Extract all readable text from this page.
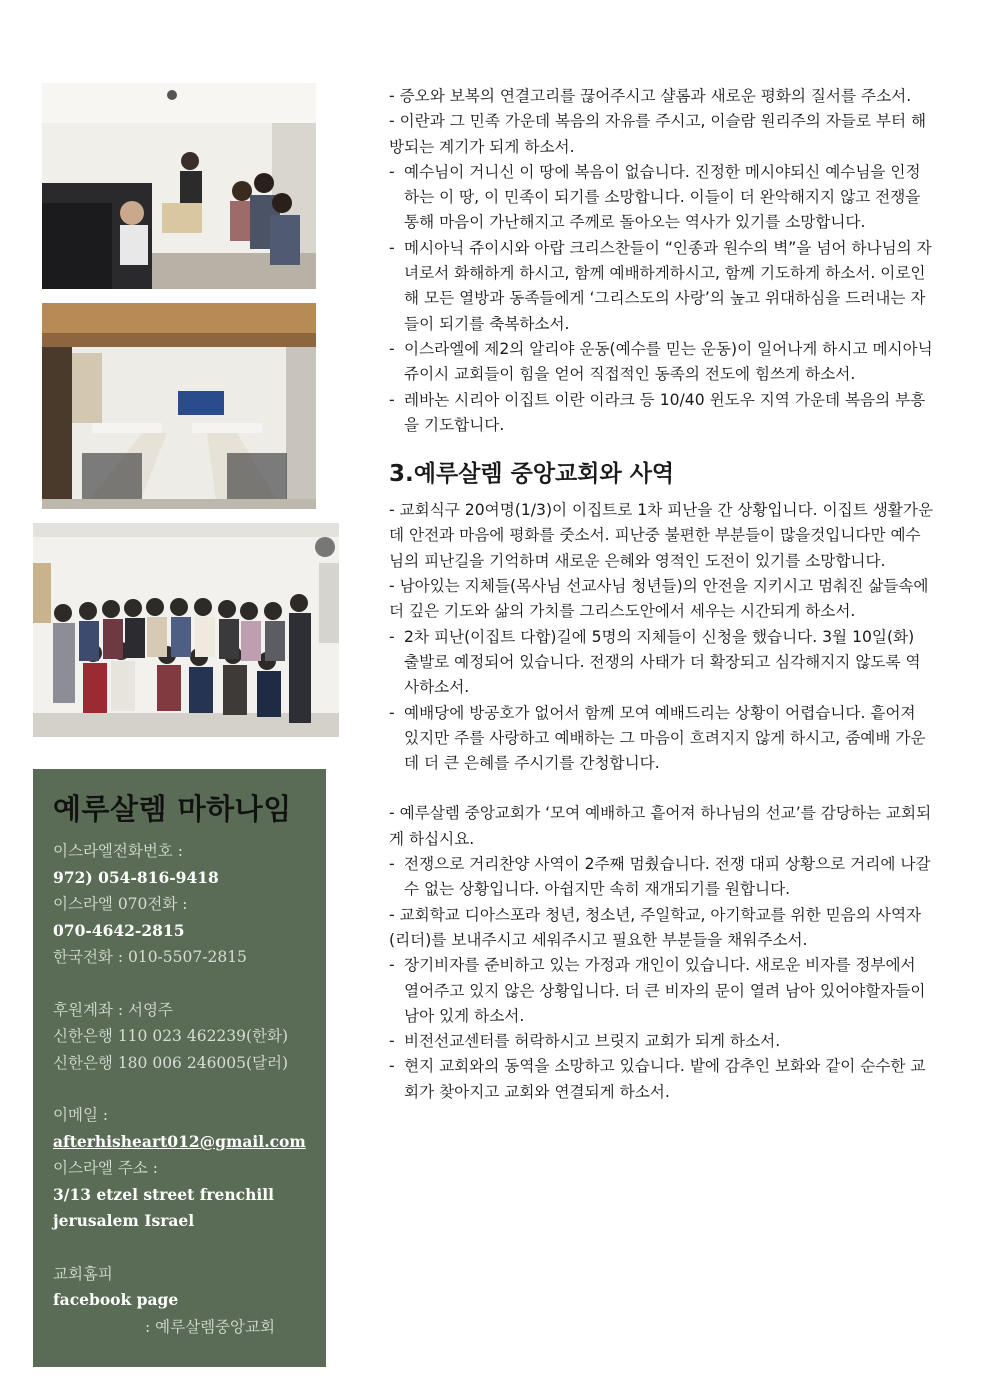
예루살렘 마하나임
이스라엘전화번호 :
972) 054-816-9418
이스라엘 070전화 :
070-4642-2815
한국전화 : 010-5507-2815
후원계좌 : 서영주
신한은행 110 023 462239(한화)
신한은행 180 006 246005(달러)
이메일 :
afterhisheart012@gmail.com
이스라엘 주소 :
3/13 etzel street frenchill
jerusalem Israel
교회홈피
facebook page
: 예루살렘중앙교회

- 증오와 보복의 연결고리를 끊어주시고 샬롬과 새로운 평화의 질서를 주소서.

- 이란과 그 민족 가운데 복음의 자유를 주시고, 이슬람 원리주의 자들로 부터 해방되는 계기가 되게 하소서.

- 예수님이 거니신 이 땅에 복음이 없습니다. 진정한 메시야되신 예수님을 인정하는 이 땅, 이 민족이 되기를 소망합니다. 이들이 더 완악해지지 않고 전쟁을 통해 마음이 가난해지고 주께로 돌아오는 역사가 있기를 소망합니다.
- 메시아닉 쥬이시와 아랍 크리스찬들이 “인종과 원수의 벽”을 넘어 하나님의 자녀로서 화해하게 하시고, 함께 예배하게하시고, 함께 기도하게 하소서. 이로인해 모든 열방과 동족들에게 ‘그리스도의 사랑’의 높고 위대하심을 드러내는 자들이 되기를 축복하소서.
- 이스라엘에 제2의 알리야 운동(예수를 믿는 운동)이 일어나게 하시고 메시아닉 쥬이시 교회들이 힘을 얻어 직접적인 동족의 전도에 힘쓰게 하소서.
- 레바논 시리아 이집트 이란 이라크 등 10/40 윈도우 지역 가운데 복음의 부흥을 기도합니다.
3.예루살렘 중앙교회와 사역

- 교회식구 20여명(1/3)이 이집트로 1차 피난을 간 상황입니다. 이집트 생활가운데 안전과 마음에 평화를 줏소서. 피난중 불편한 부분들이 많을것입니다만 예수님의 피난길을 기억하며 새로운 은혜와 영적인 도전이 있기를 소망합니다.

- 남아있는 지체들(목사님 선교사님 청년들)의 안전을 지키시고 멈춰진 삶들속에 더 깊은 기도와 삶의 가치를 그리스도안에서 세우는 시간되게 하소서.

- 2차 피난(이집트 다합)길에 5명의 지체들이 신청을 했습니다. 3월 10일(화) 출발로 예정되어 있습니다. 전쟁의 사태가 더 확장되고 심각해지지 않도록 역사하소서.
- 예배당에 방공호가 없어서 함께 모여 예배드리는 상황이 어렵습니다. 흩어져 있지만 주를 사랑하고 예배하는 그 마음이 흐려지지 않게 하시고, 줌예배 가운데 더 큰 은혜를 주시기를 간청합니다.

- 예루살렘 중앙교회가 ‘모여 예배하고 흩어져 하나님의 선교’를 감당하는 교회되게 하십시요.

- 전쟁으로 거리찬양 사역이 2주째 멈췄습니다. 전쟁 대피 상황으로 거리에 나갈 수 없는 상황입니다. 아쉽지만 속히 재개되기를 원합니다.

- 교회학교 디아스포라 청년, 청소년, 주일학교, 아기학교를 위한 믿음의 사역자(리더)를 보내주시고 세워주시고 필요한 부분들을 채워주소서.

- 장기비자를 준비하고 있는 가정과 개인이 있습니다. 새로운 비자를 정부에서 열어주고 있지 않은 상황입니다. 더 큰 비자의 문이 열려 남아 있어야할자들이 남아 있게 하소서.
- 비전선교센터를 허락하시고 브릿지 교회가 되게 하소서.
- 현지 교회와의 동역을 소망하고 있습니다. 밭에 감추인 보화와 같이 순수한 교회가 찾아지고 교회와 연결되게 하소서.
